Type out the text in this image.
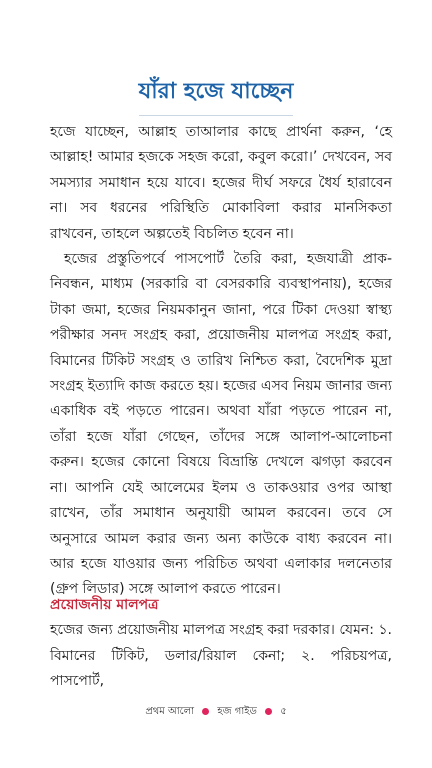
যাঁরা হজে যাচ্ছেন

হজে যাচ্ছেন, আল্লাহ তাআলার কাছে প্রার্থনা করুন, ‘হে আল্লাহ! আমার হজকে সহজ করো, কবুল করো।’ দেখবেন, সব সমস্যার সমাধান হয়ে যাবে। হজের দীর্ঘ সফরে ধৈর্য হারাবেন না। সব ধরনের পরিস্থিতি মোকাবিলা করার মানসিকতা রাখবেন, তাহলে অল্পতেই বিচলিত হবেন না।

হজের প্রস্তুতিপর্বে পাসপোর্ট তৈরি করা, হজযাত্রী প্রাক-নিবন্ধন, মাধ্যম (সরকারি বা বেসরকারি ব্যবস্থাপনায়), হজের টাকা জমা, হজের নিয়মকানুন জানা, পরে টিকা দেওয়া স্বাস্থ্য পরীক্ষার সনদ সংগ্রহ করা, প্রয়োজনীয় মালপত্র সংগ্রহ করা, বিমানের টিকিট সংগ্রহ ও তারিখ নিশ্চিত করা, বৈদেশিক মুদ্রা সংগ্রহ ইত্যাদি কাজ করতে হয়। হজের এসব নিয়ম জানার জন্য একাধিক বই পড়তে পারেন। অথবা যাঁরা পড়তে পারেন না, তাঁরা হজে যাঁরা গেছেন, তাঁদের সঙ্গে আলাপ-আলোচনা করুন। হজের কোনো বিষয়ে বিভ্রান্তি দেখলে ঝগড়া করবেন না। আপনি যেই আলেমের ইলম ও তাকওয়ার ওপর আস্থা রাখেন, তাঁর সমাধান অনুযায়ী আমল করবেন। তবে সে অনুসারে আমল করার জন্য অন্য কাউকে বাধ্য করবেন না। আর হজে যাওয়ার জন্য পরিচিত অথবা এলাকার দলনেতার (গ্রুপ লিডার) সঙ্গে আলাপ করতে পারেন।

প্রয়োজনীয় মালপত্র

হজের জন্য প্রয়োজনীয় মালপত্র সংগ্রহ করা দরকার। যেমন: ১. বিমানের টিকিট, ডলার/রিয়াল কেনা; ২. পরিচয়পত্র, পাসপোর্ট,

প্রথম আলো হজ গাইড ৫
